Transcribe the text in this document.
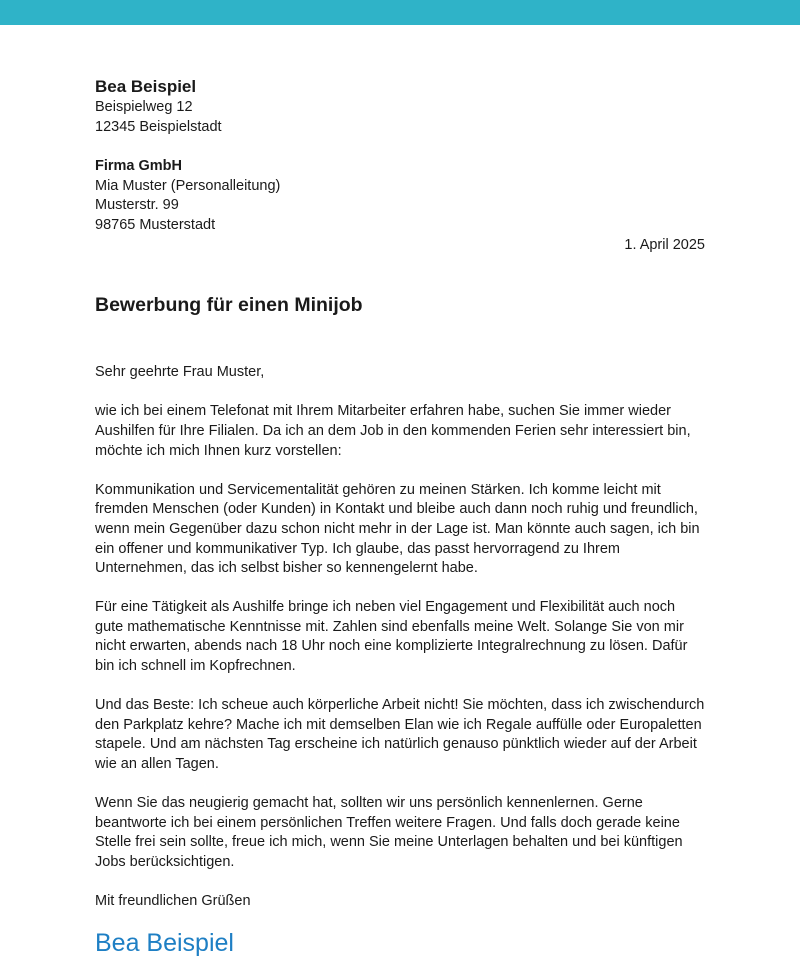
Bea Beispiel

Beispielweg 12
12345 Beispielstadt
Firma GmbH
Mia Muster (Personalleitung)
Musterstr. 99
98765 Musterstadt

1. April 2025

Bewerbung für einen Minijob

Sehr geehrte Frau Muster,

wie ich bei einem Telefonat mit Ihrem Mitarbeiter erfahren habe, suchen Sie immer wieder Aushilfen für Ihre Filialen. Da ich an dem Job in den kommenden Ferien sehr interessiert bin, möchte ich mich Ihnen kurz vorstellen:

Kommunikation und Servicementalität gehören zu meinen Stärken. Ich komme leicht mit fremden Menschen (oder Kunden) in Kontakt und bleibe auch dann noch ruhig und freundlich, wenn mein Gegenüber dazu schon nicht mehr in der Lage ist. Man könnte auch sagen, ich bin ein offener und kommunikativer Typ. Ich glaube, das passt hervorragend zu Ihrem Unternehmen, das ich selbst bisher so kennengelernt habe.

Für eine Tätigkeit als Aushilfe bringe ich neben viel Engagement und Flexibilität auch noch gute mathematische Kenntnisse mit. Zahlen sind ebenfalls meine Welt. Solange Sie von mir nicht erwarten, abends nach 18 Uhr noch eine komplizierte Integralrechnung zu lösen. Dafür bin ich schnell im Kopfrechnen.

Und das Beste: Ich scheue auch körperliche Arbeit nicht! Sie möchten, dass ich zwischendurch den Parkplatz kehre? Mache ich mit demselben Elan wie ich Regale auffülle oder Europaletten stapele. Und am nächsten Tag erscheine ich natürlich genauso pünktlich wieder auf der Arbeit wie an allen Tagen.

Wenn Sie das neugierig gemacht hat, sollten wir uns persönlich kennenlernen. Gerne beantworte ich bei einem persönlichen Treffen weitere Fragen. Und falls doch gerade keine Stelle frei sein sollte, freue ich mich, wenn Sie meine Unterlagen behalten und bei künftigen Jobs berücksichtigen.

Mit freundlichen Grüßen

Bea Beispiel
